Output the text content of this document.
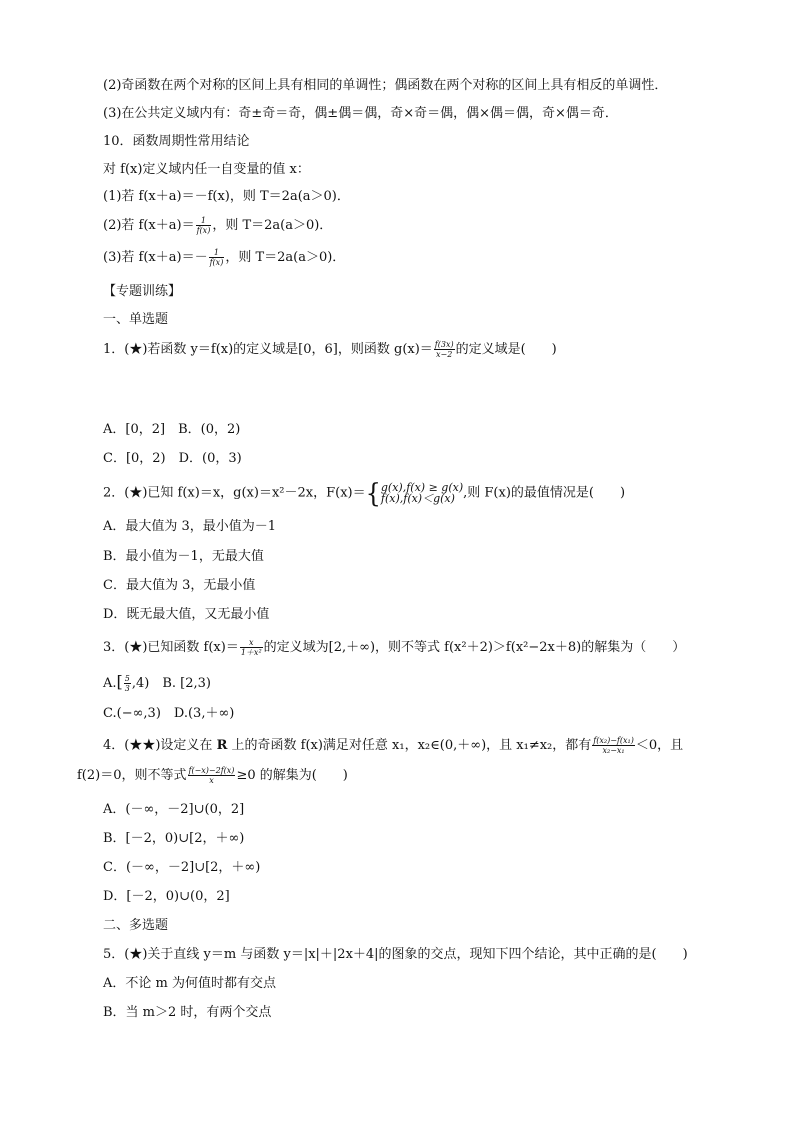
(2)奇函数在两个对称的区间上具有相同的单调性；偶函数在两个对称的区间上具有相反的单调性．
(3)在公共定义域内有：奇±奇＝奇，偶±偶＝偶，奇×奇＝偶，偶×偶＝偶，奇×偶＝奇．
10．函数周期性常用结论
对 f(x)定义域内任一自变量的值 x：
(1)若 f(x＋a)＝－f(x)，则 T＝2a(a＞0)．
(2)若 $f(x+a)= \frac{1}{f(x)}$ ，则 T＝2a(a＞0)．
(3)若 $f(x+a)=- \frac{1}{f(x)}$ ，则 T＝2a(a＞0)．
【专题训练】
一、单选题
1．(★)若函数 y＝f(x)的定义域是[0，6]，则函数 $g(x)= \frac{f(3x)}{x-2}$ 的定义域是(　　)
A．[0，2]　B．(0，2)
C．[0，2)　D．(0，3)
2．(★)已知 f(x)＝x，g(x)＝x²－2x，F(x)＝{ g(x),f(x) ≥ g(x)
f(x),f(x)＜g(x) ,则 F(x)的最值情况是(　　)
A．最大值为 3，最小值为－1
B．最小值为－1，无最大值
C．最大值为 3，无最小值
D．既无最大值，又无最小值
3．(★)已知函数 $f(x)= \frac{x}{\text{1＋x²}}$ 的定义域为[2,＋∞)，则不等式 f(x²＋2)＞f(x²−2x＋8)的解集为（　　）
$A.[ \frac{5}{3} ,4)$　B. [2,3)
C.(−∞,3)　D.(3,＋∞)
4．(★★)设定义在 R 上的奇函数 f(x)满足对任意 x₁，x₂∈(0,＋∞)，且 x₁≠x₂，都有 $\frac{\text{f(x₂)−f(x₁)}}{\text{x₂−x₁}} <0$，且
f(2)＝0，则不等式 $\frac{f(-x)-2f(x)}{x} \ge 0$ 的解集为(　　)
A．(－∞，－2]∪(0，2]
B．[－2，0)∪[2，＋∞)
C．(－∞，－2]∪[2，＋∞)
D．[－2，0)∪(0，2]
二、多选题
5．(★)关于直线 y＝m 与函数 y＝|x|＋|2x＋4|的图象的交点，现知下四个结论，其中正确的是(　　)
A．不论 m 为何值时都有交点
B．当 m＞2 时，有两个交点
